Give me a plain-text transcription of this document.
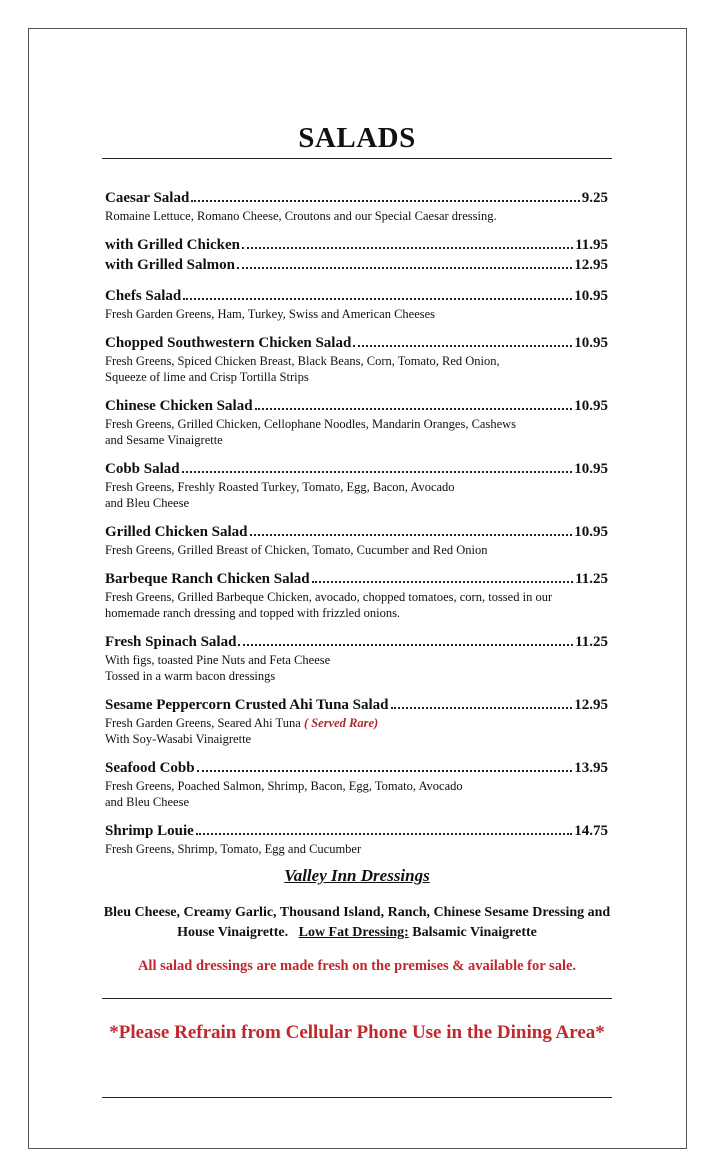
SALADS
Caesar Salad	9.25
Romaine Lettuce, Romano Cheese, Croutons and our Special Caesar dressing.
with Grilled Chicken	11.95
with Grilled Salmon	12.95
Chefs Salad	10.95
Fresh Garden Greens, Ham, Turkey, Swiss and American Cheeses
Chopped Southwestern Chicken Salad	10.95
Fresh Greens, Spiced Chicken Breast, Black Beans, Corn, Tomato, Red Onion,
Squeeze of lime and Crisp Tortilla Strips
Chinese Chicken Salad	10.95
Fresh Greens, Grilled Chicken, Cellophane Noodles, Mandarin Oranges, Cashews
and Sesame Vinaigrette
Cobb Salad	10.95
Fresh Greens, Freshly Roasted Turkey, Tomato, Egg, Bacon, Avocado
and Bleu Cheese
Grilled Chicken Salad	10.95
Fresh Greens, Grilled Breast of Chicken, Tomato, Cucumber and Red Onion
Barbeque Ranch Chicken Salad	11.25
Fresh Greens, Grilled Barbeque Chicken, avocado, chopped tomatoes, corn, tossed in our
homemade ranch dressing and topped with frizzled onions.
Fresh Spinach Salad	11.25
With figs, toasted Pine Nuts and Feta Cheese
Tossed in a warm bacon dressings
Sesame Peppercorn Crusted Ahi Tuna Salad	12.95
Fresh Garden Greens, Seared Ahi Tuna ( Served Rare)
With Soy-Wasabi Vinaigrette
Seafood Cobb	13.95
Fresh Greens, Poached Salmon, Shrimp, Bacon, Egg, Tomato, Avocado
and Bleu Cheese
Shrimp Louie	14.75
Fresh Greens, Shrimp, Tomato, Egg and Cucumber
Valley Inn Dressings
Bleu Cheese, Creamy Garlic, Thousand Island, Ranch, Chinese Sesame Dressing and House Vinaigrette. Low Fat Dressing: Balsamic Vinaigrette
All salad dressings are made fresh on the premises & available for sale.
*Please Refrain from Cellular Phone Use in the Dining Area*
